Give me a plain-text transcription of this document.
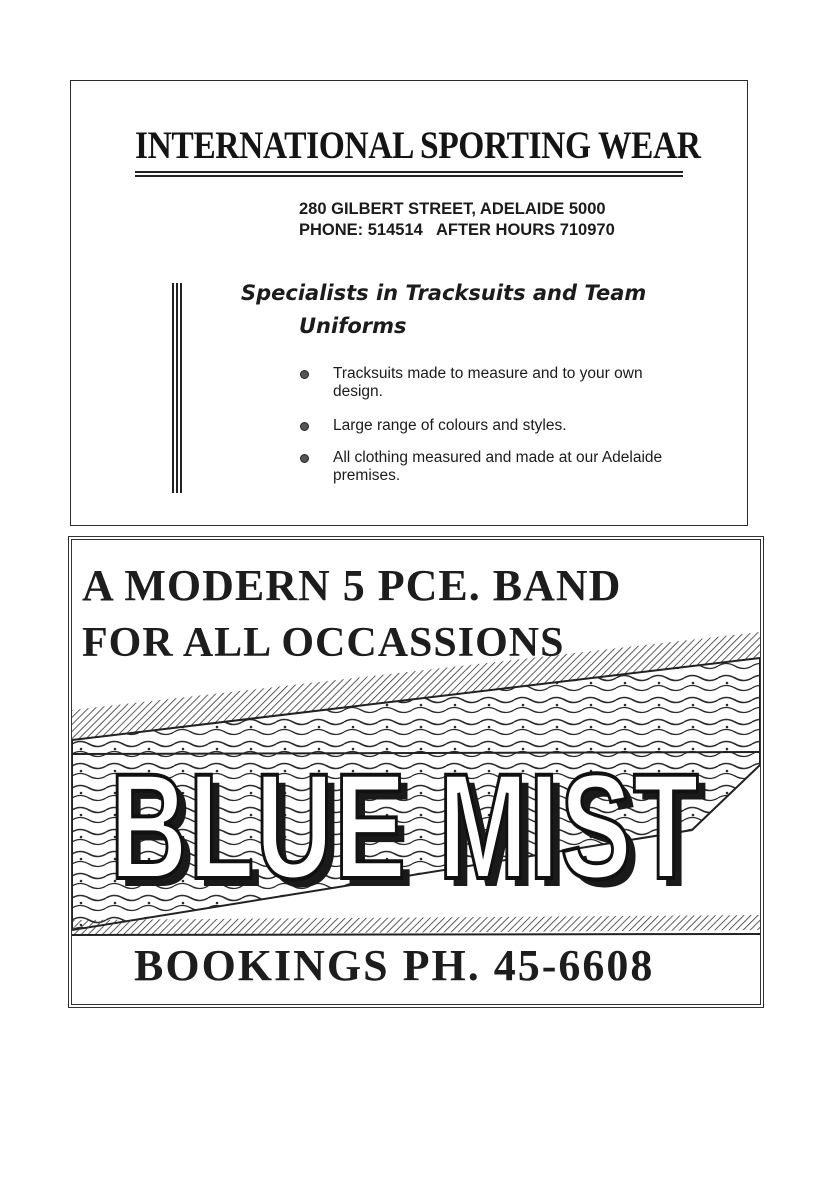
INTERNATIONAL SPORTING WEAR
280 GILBERT STREET, ADELAIDE 5000
PHONE: 514514   AFTER HOURS 710970
Specialists in Tracksuits and Team
Uniforms
Tracksuits made to measure and to your own design.
Large range of colours and styles.
All clothing measured and made at our Adelaide premises.
A MODERN 5 PCE. BAND
FOR ALL OCCASSIONS
BLUE MIST
BLUE MIST
BOOKINGS PH. 45-6608
